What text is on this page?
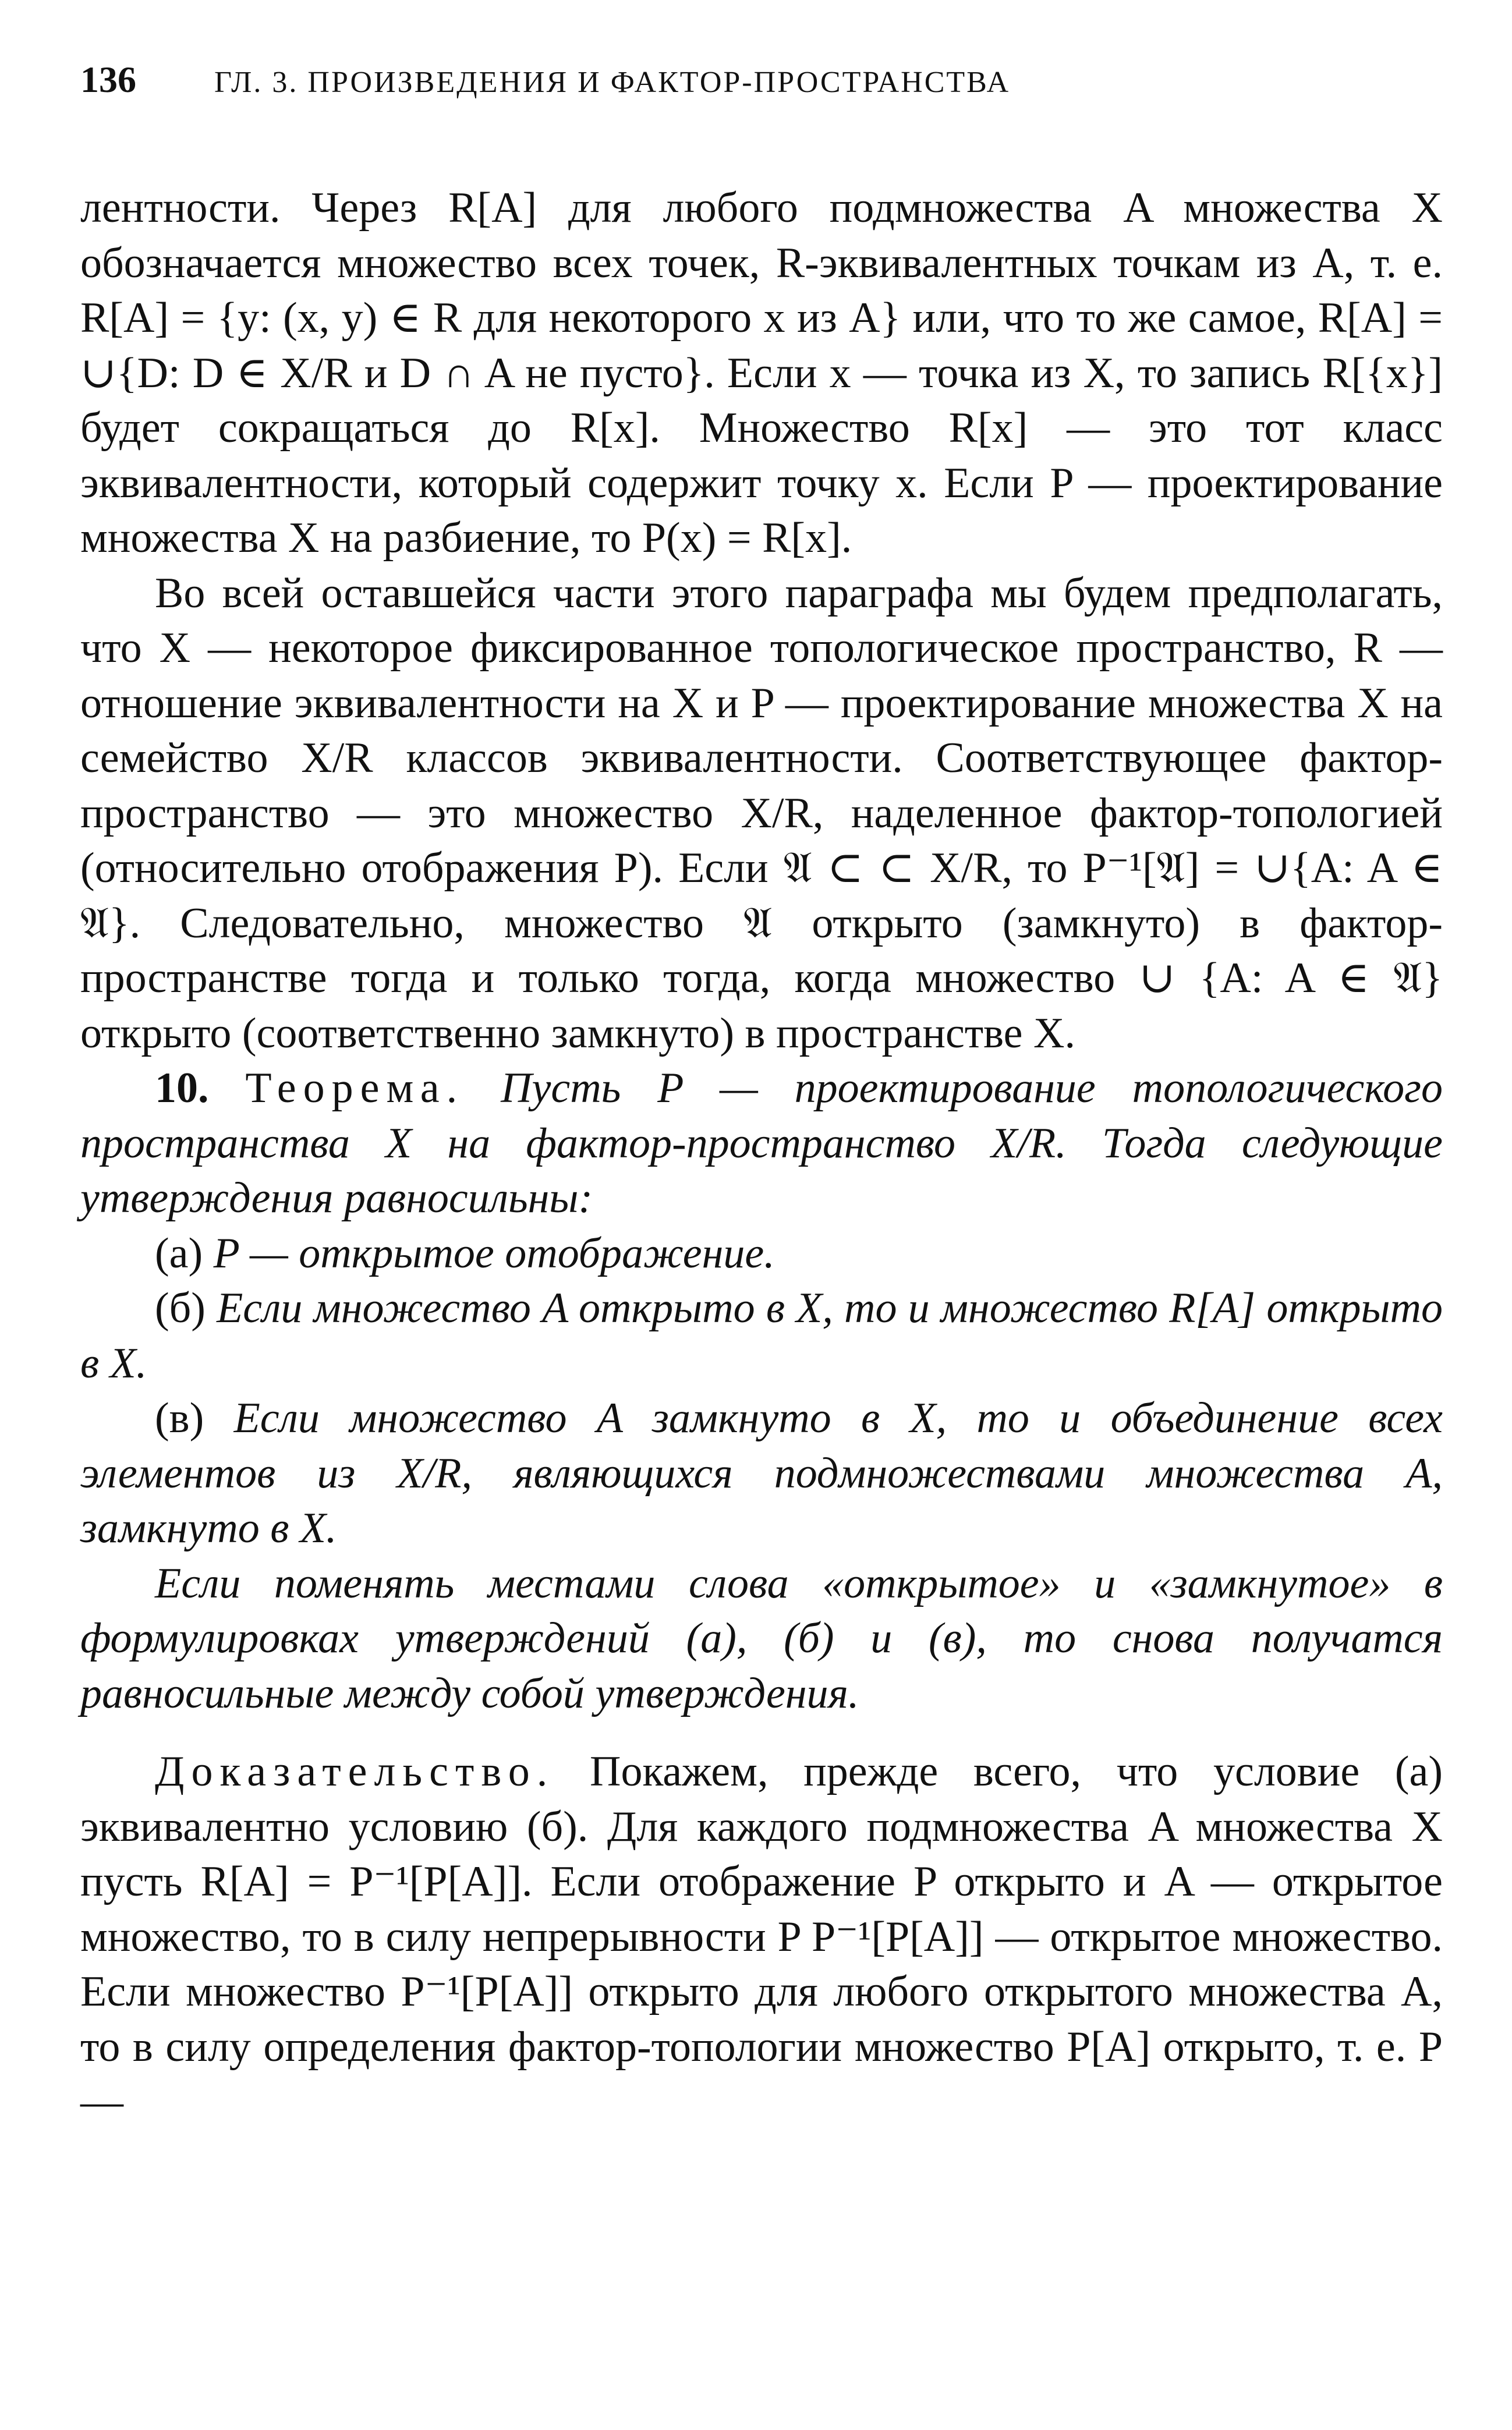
136	ГЛ. 3. ПРОИЗВЕДЕНИЯ И ФАКТОР-ПРОСТРАНСТВА

лентности. Через R[A] для любого подмножества A множества X обозначается множество всех точек, R-эквивалентных точкам из A, т. е. R[A] = {y: (x, y) ∈ R для некоторого x из A} или, что то же самое, R[A] = ∪{D: D ∈ X/R и D ∩ A не пусто}. Если x — точка из X, то запись R[{x}] будет сокращаться до R[x]. Множество R[x] — это тот класс эквивалентности, который содержит точку x. Если P — проектирование множества X на разбиение, то P(x) = R[x].

Во всей оставшейся части этого параграфа мы будем предполагать, что X — некоторое фиксированное топологическое пространство, R — отношение эквивалентности на X и P — проектирование множества X на семейство X/R классов эквивалентности. Соответствующее фактор-пространство — это множество X/R, наделенное фактор-топологией (относительно отображения P). Если 𝔄 ⊂ ⊂ X/R, то P⁻¹[𝔄] = ∪{A: A ∈ 𝔄}. Следовательно, множество 𝔄 открыто (замкнуто) в фактор-пространстве тогда и только тогда, когда множество ∪ {A: A ∈ 𝔄} открыто (соответственно замкнуто) в пространстве X.

10. Теорема. Пусть P — проектирование топологического пространства X на фактор-пространство X/R. Тогда следующие утверждения равносильны:

(a) P — открытое отображение.

(б) Если множество A открыто в X, то и множество R[A] открыто в X.

(в) Если множество A замкнуто в X, то и объединение всех элементов из X/R, являющихся подмножествами множества A, замкнуто в X.

Если поменять местами слова «открытое» и «замкнутое» в формулировках утверждений (а), (б) и (в), то снова получатся равносильные между собой утверждения.

Доказательство. Покажем, прежде всего, что условие (а) эквивалентно условию (б). Для каждого подмножества A множества X пусть R[A] = P⁻¹[P[A]]. Если отображение P открыто и A — открытое множество, то в силу непрерывности P P⁻¹[P[A]] — открытое множество. Если множество P⁻¹[P[A]] открыто для любого открытого множества A, то в силу определения фактор-топологии множество P[A] открыто, т. е. P —
